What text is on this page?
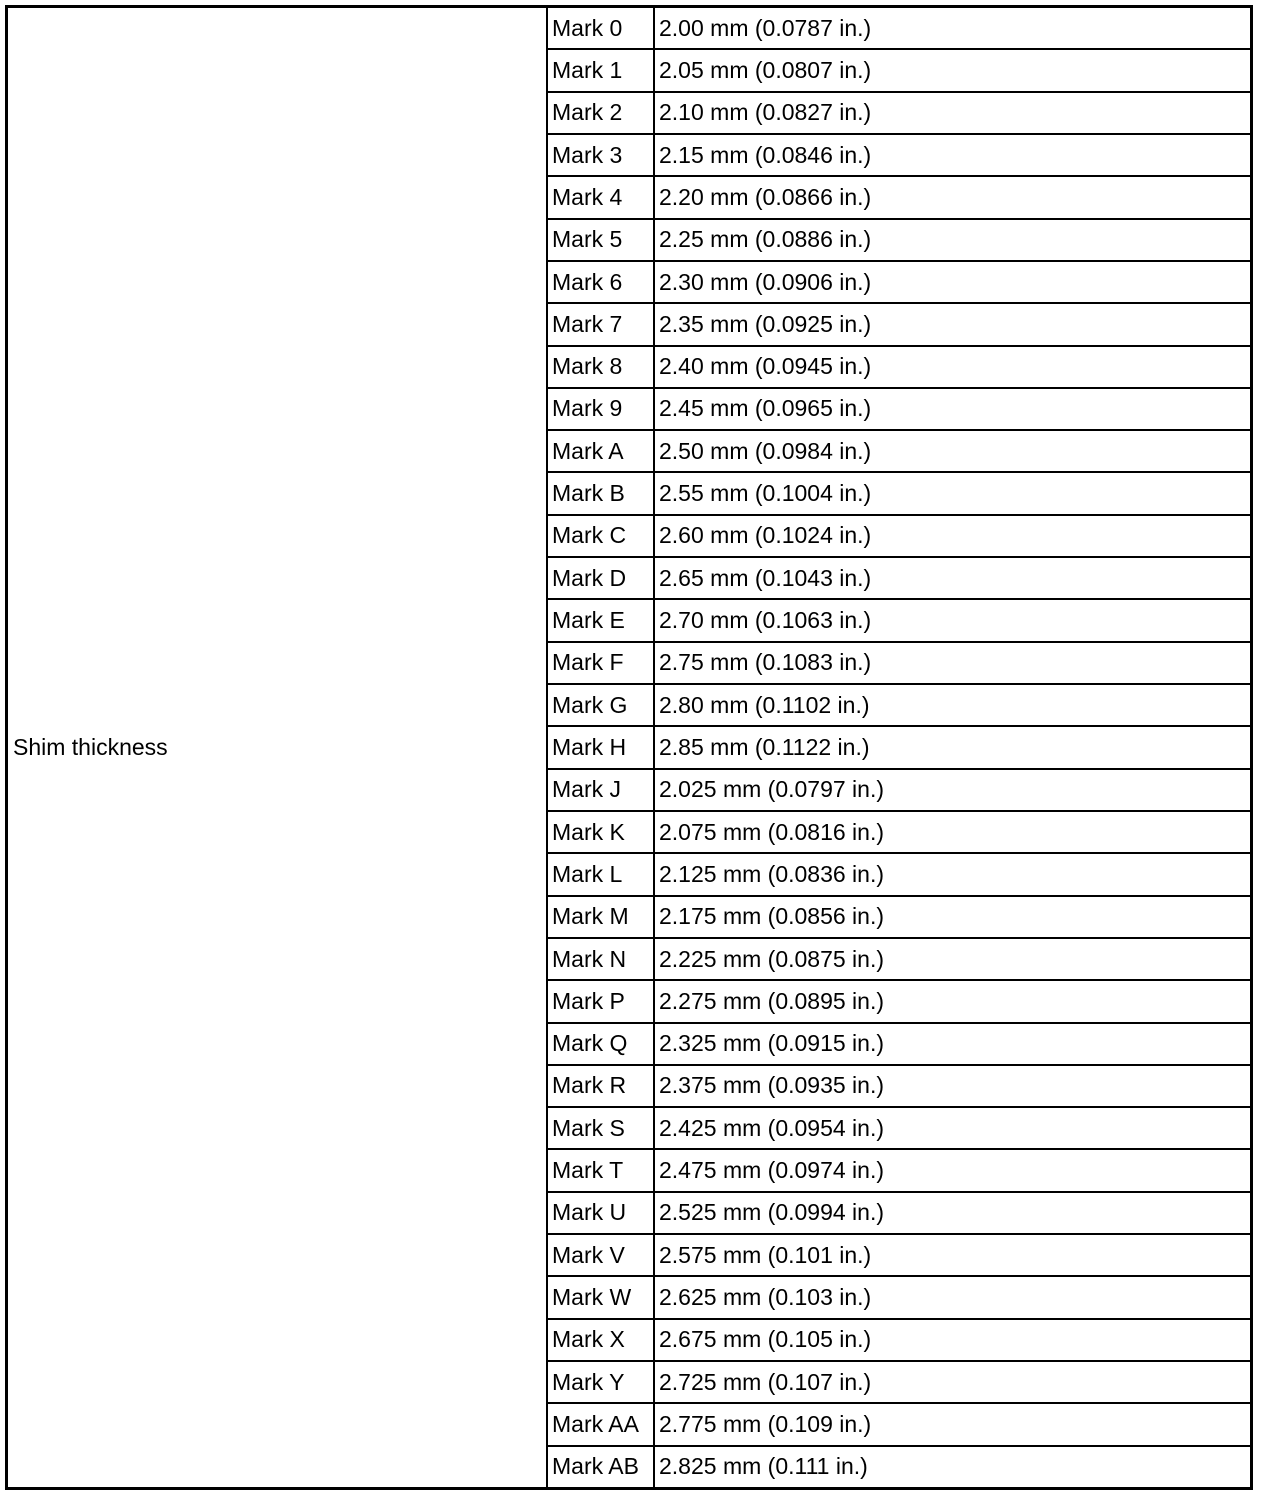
Shim thickness
Mark 0	2.00 mm (0.0787 in.)
Mark 1	2.05 mm (0.0807 in.)
Mark 2	2.10 mm (0.0827 in.)
Mark 3	2.15 mm (0.0846 in.)
Mark 4	2.20 mm (0.0866 in.)
Mark 5	2.25 mm (0.0886 in.)
Mark 6	2.30 mm (0.0906 in.)
Mark 7	2.35 mm (0.0925 in.)
Mark 8	2.40 mm (0.0945 in.)
Mark 9	2.45 mm (0.0965 in.)
Mark A	2.50 mm (0.0984 in.)
Mark B	2.55 mm (0.1004 in.)
Mark C	2.60 mm (0.1024 in.)
Mark D	2.65 mm (0.1043 in.)
Mark E	2.70 mm (0.1063 in.)
Mark F	2.75 mm (0.1083 in.)
Mark G	2.80 mm (0.1102 in.)
Mark H	2.85 mm (0.1122 in.)
Mark J	2.025 mm (0.0797 in.)
Mark K	2.075 mm (0.0816 in.)
Mark L	2.125 mm (0.0836 in.)
Mark M	2.175 mm (0.0856 in.)
Mark N	2.225 mm (0.0875 in.)
Mark P	2.275 mm (0.0895 in.)
Mark Q	2.325 mm (0.0915 in.)
Mark R	2.375 mm (0.0935 in.)
Mark S	2.425 mm (0.0954 in.)
Mark T	2.475 mm (0.0974 in.)
Mark U	2.525 mm (0.0994 in.)
Mark V	2.575 mm (0.101 in.)
Mark W	2.625 mm (0.103 in.)
Mark X	2.675 mm (0.105 in.)
Mark Y	2.725 mm (0.107 in.)
Mark AA 2.775 mm (0.109 in.)
Mark AB 2.825 mm (0.111 in.)
